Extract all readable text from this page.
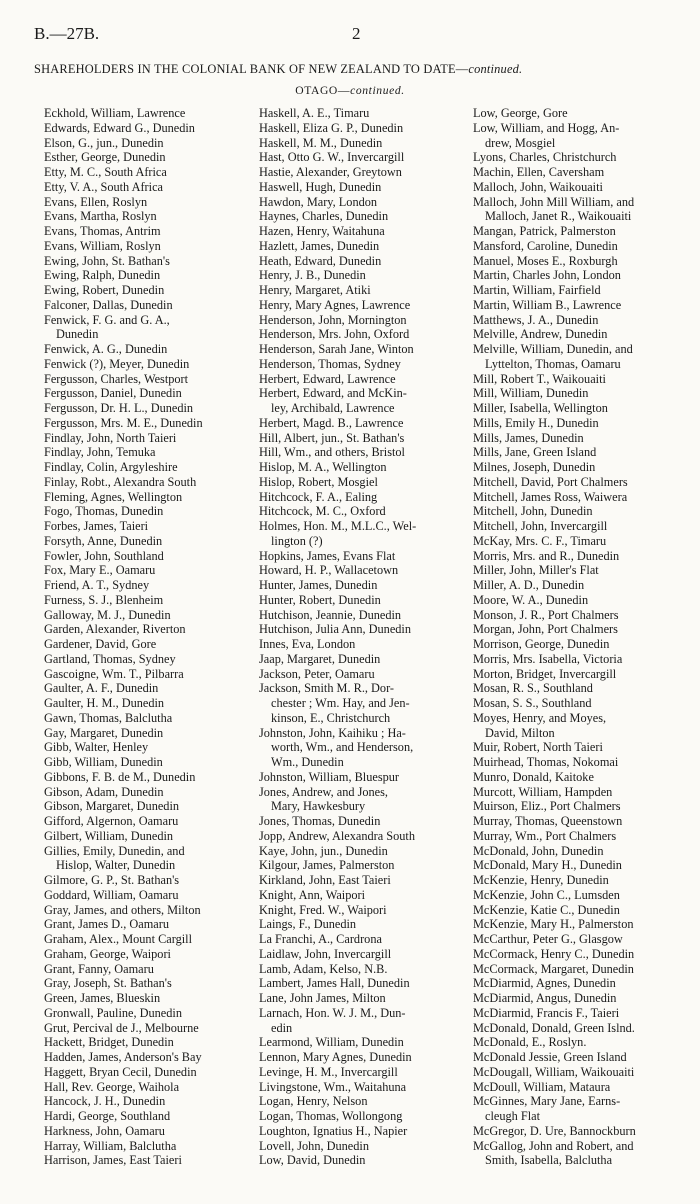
B.—27B.	2
SHAREHOLDERS IN THE COLONIAL BANK OF NEW ZEALAND TO DATE—continued.
OTAGO—continued.
Eckhold, William, Lawrence
Edwards, Edward G., Dunedin
Elson, G., jun., Dunedin
Esther, George, Dunedin
Etty, M. C., South Africa
Etty, V. A., South Africa
Evans, Ellen, Roslyn
Evans, Martha, Roslyn
Evans, Thomas, Antrim
Evans, William, Roslyn
Ewing, John, St. Bathan's
Ewing, Ralph, Dunedin
Ewing, Robert, Dunedin
Falconer, Dallas, Dunedin
Fenwick, F. G. and G. A.,
Dunedin
Fenwick, A. G., Dunedin
Fenwick (?), Meyer, Dunedin
Fergusson, Charles, Westport
Fergusson, Daniel, Dunedin
Fergusson, Dr. H. L., Dunedin
Fergusson, Mrs. M. E., Dunedin
Findlay, John, North Taieri
Findlay, John, Temuka
Findlay, Colin, Argyleshire
Finlay, Robt., Alexandra South
Fleming, Agnes, Wellington
Fogo, Thomas, Dunedin
Forbes, James, Taieri
Forsyth, Anne, Dunedin
Fowler, John, Southland
Fox, Mary E., Oamaru
Friend, A. T., Sydney
Furness, S. J., Blenheim
Galloway, M. J., Dunedin
Garden, Alexander, Riverton
Gardener, David, Gore
Gartland, Thomas, Sydney
Gascoigne, Wm. T., Pilbarra
Gaulter, A. F., Dunedin
Gaulter, H. M., Dunedin
Gawn, Thomas, Balclutha
Gay, Margaret, Dunedin
Gibb, Walter, Henley
Gibb, William, Dunedin
Gibbons, F. B. de M., Dunedin
Gibson, Adam, Dunedin
Gibson, Margaret, Dunedin
Gifford, Algernon, Oamaru
Gilbert, William, Dunedin
Gillies, Emily, Dunedin, and
Hislop, Walter, Dunedin
Gilmore, G. P., St. Bathan's
Goddard, William, Oamaru
Gray, James, and others, Milton
Grant, James D., Oamaru
Graham, Alex., Mount Cargill
Graham, George, Waipori
Grant, Fanny, Oamaru
Gray, Joseph, St. Bathan's
Green, James, Blueskin
Gronwall, Pauline, Dunedin
Grut, Percival de J., Melbourne
Hackett, Bridget, Dunedin
Hadden, James, Anderson's Bay
Haggett, Bryan Cecil, Dunedin
Hall, Rev. George, Waihola
Hancock, J. H., Dunedin
Hardi, George, Southland
Harkness, John, Oamaru
Harray, William, Balclutha
Harrison, James, East Taieri
Haskell, A. E., Timaru
Haskell, Eliza G. P., Dunedin
Haskell, M. M., Dunedin
Hast, Otto G. W., Invercargill
Hastie, Alexander, Greytown
Haswell, Hugh, Dunedin
Hawdon, Mary, London
Haynes, Charles, Dunedin
Hazen, Henry, Waitahuna
Hazlett, James, Dunedin
Heath, Edward, Dunedin
Henry, J. B., Dunedin
Henry, Margaret, Atiki
Henry, Mary Agnes, Lawrence
Henderson, John, Mornington
Henderson, Mrs. John, Oxford
Henderson, Sarah Jane, Winton
Henderson, Thomas, Sydney
Herbert, Edward, Lawrence
Herbert, Edward, and McKin-
ley, Archibald, Lawrence
Herbert, Magd. B., Lawrence
Hill, Albert, jun., St. Bathan's
Hill, Wm., and others, Bristol
Hislop, M. A., Wellington
Hislop, Robert, Mosgiel
Hitchcock, F. A., Ealing
Hitchcock, M. C., Oxford
Holmes, Hon. M., M.L.C., Wel-
lington (?)
Hopkins, James, Evans Flat
Howard, H. P., Wallacetown
Hunter, James, Dunedin
Hunter, Robert, Dunedin
Hutchison, Jeannie, Dunedin
Hutchison, Julia Ann, Dunedin
Innes, Eva, London
Jaap, Margaret, Dunedin
Jackson, Peter, Oamaru
Jackson, Smith M. R., Dor-
chester ; Wm. Hay, and Jen-
kinson, E., Christchurch
Johnston, John, Kaihiku ; Ha-
worth, Wm., and Henderson,
Wm., Dunedin
Johnston, William, Bluespur
Jones, Andrew, and Jones,
Mary, Hawkesbury
Jones, Thomas, Dunedin
Jopp, Andrew, Alexandra South
Kaye, John, jun., Dunedin
Kilgour, James, Palmerston
Kirkland, John, East Taieri
Knight, Ann, Waipori
Knight, Fred. W., Waipori
Laings, F., Dunedin
La Franchi, A., Cardrona
Laidlaw, John, Invercargill
Lamb, Adam, Kelso, N.B.
Lambert, James Hall, Dunedin
Lane, John James, Milton
Larnach, Hon. W. J. M., Dun-
edin
Learmond, William, Dunedin
Lennon, Mary Agnes, Dunedin
Levinge, H. M., Invercargill
Livingstone, Wm., Waitahuna
Logan, Henry, Nelson
Logan, Thomas, Wollongong
Loughton, Ignatius H., Napier
Lovell, John, Dunedin
Low, David, Dunedin
Low, George, Gore
Low, William, and Hogg, An-
drew, Mosgiel
Lyons, Charles, Christchurch
Machin, Ellen, Caversham
Malloch, John, Waikouaiti
Malloch, John Mill William, and
Malloch, Janet R., Waikouaiti
Mangan, Patrick, Palmerston
Mansford, Caroline, Dunedin
Manuel, Moses E., Roxburgh
Martin, Charles John, London
Martin, William, Fairfield
Martin, William B., Lawrence
Matthews, J. A., Dunedin
Melville, Andrew, Dunedin
Melville, William, Dunedin, and
Lyttelton, Thomas, Oamaru
Mill, Robert T., Waikouaiti
Mill, William, Dunedin
Miller, Isabella, Wellington
Mills, Emily H., Dunedin
Mills, James, Dunedin
Mills, Jane, Green Island
Milnes, Joseph, Dunedin
Mitchell, David, Port Chalmers
Mitchell, James Ross, Waiwera
Mitchell, John, Dunedin
Mitchell, John, Invercargill
McKay, Mrs. C. F., Timaru
Morris, Mrs. and R., Dunedin
Miller, John, Miller's Flat
Miller, A. D., Dunedin
Moore, W. A., Dunedin
Monson, J. R., Port Chalmers
Morgan, John, Port Chalmers
Morrison, George, Dunedin
Morris, Mrs. Isabella, Victoria
Morton, Bridget, Invercargill
Mosan, R. S., Southland
Mosan, S. S., Southland
Moyes, Henry, and Moyes,
David, Milton
Muir, Robert, North Taieri
Muirhead, Thomas, Nokomai
Munro, Donald, Kaitoke
Murcott, William, Hampden
Muirson, Eliz., Port Chalmers
Murray, Thomas, Queenstown
Murray, Wm., Port Chalmers
McDonald, John, Dunedin
McDonald, Mary H., Dunedin
McKenzie, Henry, Dunedin
McKenzie, John C., Lumsden
McKenzie, Katie C., Dunedin
McKenzie, Mary H., Palmerston
McCarthur, Peter G., Glasgow
McCormack, Henry C., Dunedin
McCormack, Margaret, Dunedin
McDiarmid, Agnes, Dunedin
McDiarmid, Angus, Dunedin
McDiarmid, Francis F., Taieri
McDonald, Donald, Green Islnd.
McDonald, E., Roslyn.
McDonald Jessie, Green Island
McDougall, William, Waikouaiti
McDoull, William, Mataura
McGinnes, Mary Jane, Earns-
cleugh Flat
McGregor, D. Ure, Bannockburn
McGallog, John and Robert, and
Smith, Isabella, Balclutha
